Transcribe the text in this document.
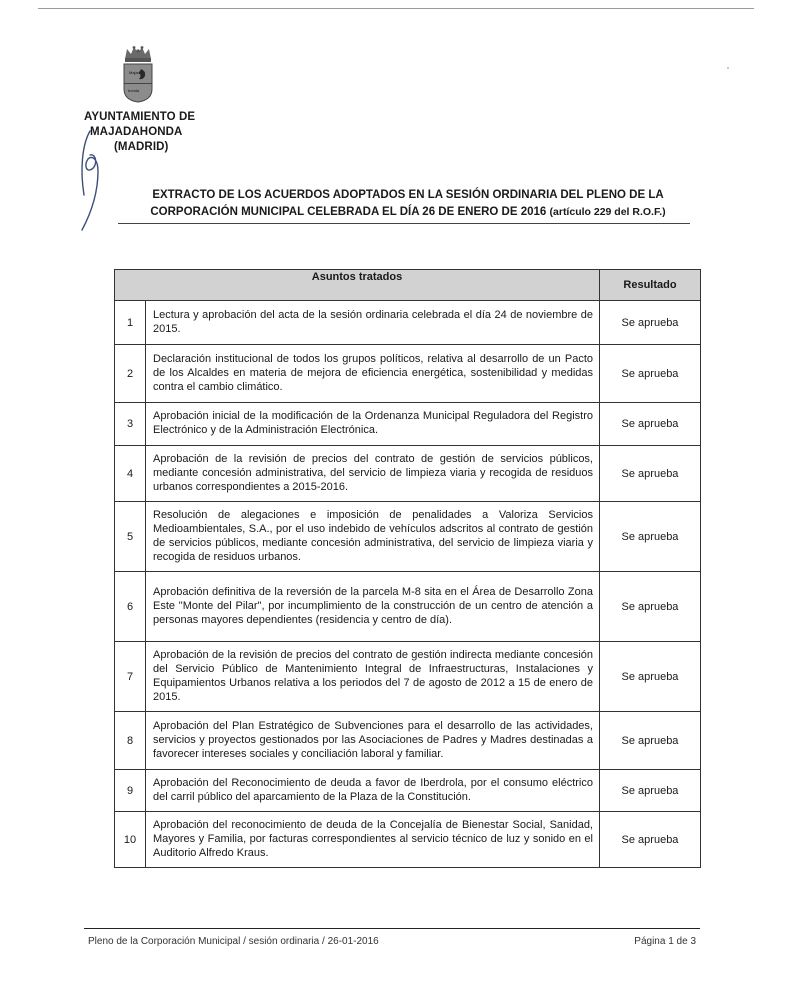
Majad
honda
AYUNTAMIENTO DE
MAJADAHONDA
(MADRID)
EXTRACTO DE LOS ACUERDOS ADOPTADOS EN LA SESIÓN ORDINARIA DEL PLENO DE LA
CORPORACIÓN MUNICIPAL CELEBRADA EL DÍA 26 DE ENERO DE 2016 (artículo 229 del R.O.F.)
Asuntos tratados		Resultado
1	Lectura y aprobación del acta de la sesión ordinaria celebrada el día 24 de noviembre de 2015.	Se aprueba
2	Declaración institucional de todos los grupos políticos, relativa al desarrollo de un Pacto de los Alcaldes en materia de mejora de eficiencia energética, sostenibilidad y medidas contra el cambio climático.	Se aprueba
3	Aprobación inicial de la modificación de la Ordenanza Municipal Reguladora del Registro Electrónico y de la Administración Electrónica.	Se aprueba
4	Aprobación de la revisión de precios del contrato de gestión de servicios públicos, mediante concesión administrativa, del servicio de limpieza viaria y recogida de residuos urbanos correspondientes a 2015-2016.	Se aprueba
5	Resolución de alegaciones e imposición de penalidades a Valoriza Servicios Medioambientales, S.A., por el uso indebido de vehículos adscritos al contrato de gestión de servicios públicos, mediante concesión administrativa, del servicio de limpieza viaria y recogida de residuos urbanos.	Se aprueba
6	Aprobación definitiva de la reversión de la parcela M-8 sita en el Área de Desarrollo Zona Este "Monte del Pilar", por incumplimiento de la construcción de un centro de atención a personas mayores dependientes (residencia y centro de día).	Se aprueba
7	Aprobación de la revisión de precios del contrato de gestión indirecta mediante concesión del Servicio Público de Mantenimiento Integral de Infraestructuras, Instalaciones y Equipamientos Urbanos relativa a los periodos del 7 de agosto de 2012 a 15 de enero de 2015.	Se aprueba
8	Aprobación del Plan Estratégico de Subvenciones para el desarrollo de las actividades, servicios y proyectos gestionados por las Asociaciones de Padres y Madres destinadas a favorecer intereses sociales y conciliación laboral y familiar.	Se aprueba
9	Aprobación del Reconocimiento de deuda a favor de Iberdrola, por el consumo eléctrico del carril público del aparcamiento de la Plaza de la Constitución.	Se aprueba
10	Aprobación del reconocimiento de deuda de la Concejalía de Bienestar Social, Sanidad, Mayores y Familia, por facturas correspondientes al servicio técnico de luz y sonido en el Auditorio Alfredo Kraus.	Se aprueba
Pleno de la Corporación Municipal / sesión ordinaria / 26-01-2016	Página 1 de 3
